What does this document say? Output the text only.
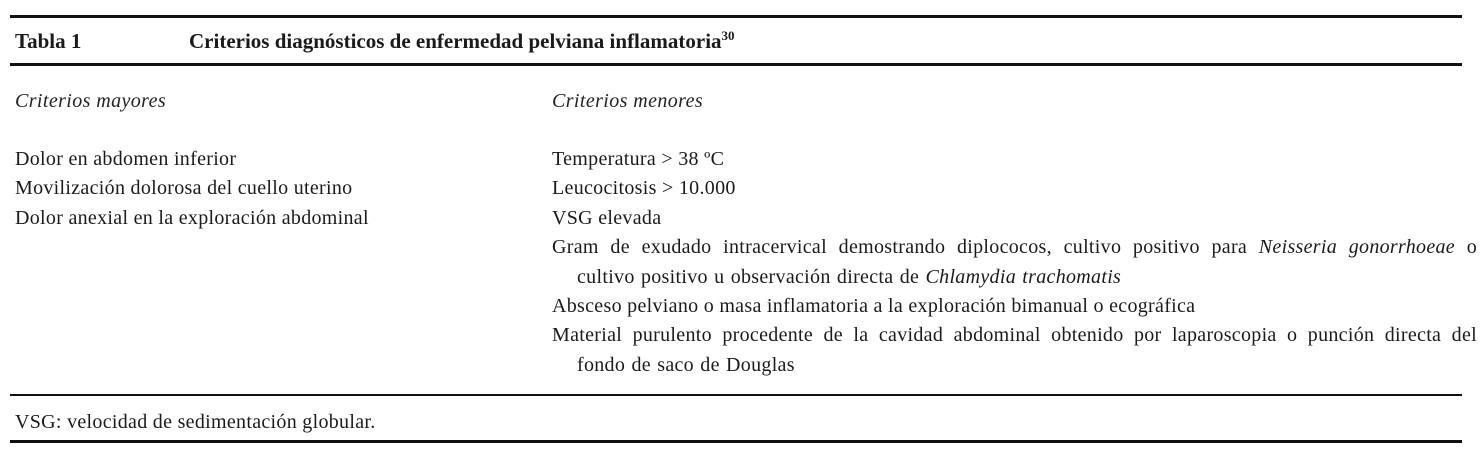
Tabla 1	Criterios diagnósticos de enfermedad pelviana inflamatoria$^{30}$
Criterios mayores	Criterios menores
Dolor en abdomen inferior
Movilización dolorosa del cuello uterino
Dolor anexial en la exploración abdominal
Temperatura > 38 ºC
Leucocitosis > 10.000
VSG elevada
Gram de exudado intracervical demostrando diplococos, cultivo positivo para Neisseria gonorrhoeae o cultivo positivo u observación directa de Chlamydia trachomatis
Absceso pelviano o masa inflamatoria a la exploración bimanual o ecográfica
Material purulento procedente de la cavidad abdominal obtenido por laparoscopia o punción directa del fondo de saco de Douglas
VSG: velocidad de sedimentación globular.
